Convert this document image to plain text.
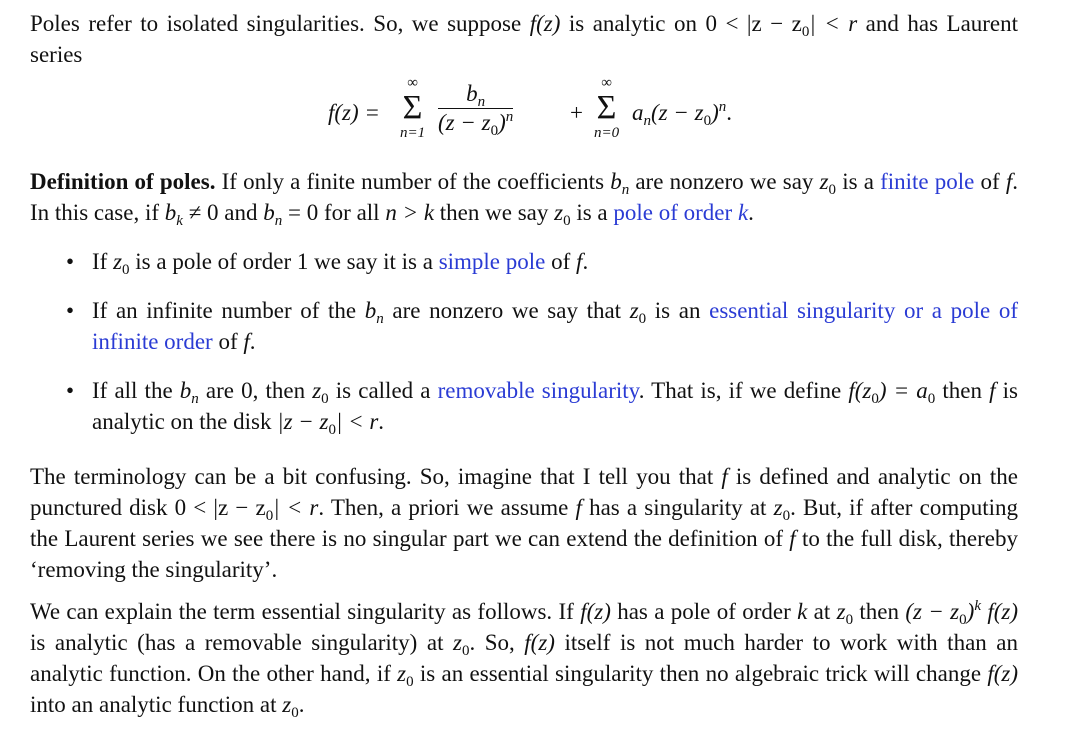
Poles refer to isolated singularities. So, we suppose f(z) is analytic on $0 < |z - z_0| < r$ and has Laurent series

f(z) =
∞
Σ
n=1
$b_n$
$(z - z_0)^n$ +
∞
Σ
n=0
$a_n(z - z_0)^n$.

Definition of poles. If only a finite number of the coefficients $b_n$ are nonzero we say $z_0$ is a finite pole of f. In this case, if $b_k \ne 0$ and $b_n = 0$ for all n > k then we say $z_0$ is a pole of order k.

• If $z_0$ is a pole of order 1 we say it is a simple pole of f.
• If an infinite number of the $b_n$ are nonzero we say that $z_0$ is an essential singularity or a pole of infinite order of f.
• If all the $b_n$ are 0, then $z_0$ is called a removable singularity. That is, if we define $f(z_0) = a_0$ then f is analytic on the disk $|z - z_0| < r$.

The terminology can be a bit confusing. So, imagine that I tell you that f is defined and analytic on the punctured disk $0 < |z - z_0| < r$. Then, a priori we assume f has a singularity at $z_0$. But, if after computing the Laurent series we see there is no singular part we can extend the definition of f to the full disk, thereby ‘removing the singularity’.

We can explain the term essential singularity as follows. If f(z) has a pole of order k at $z_0$ then $(z - z_0)^k$ f(z) is analytic (has a removable singularity) at $z_0$. So, f(z) itself is not much harder to work with than an analytic function. On the other hand, if $z_0$ is an essential singularity then no algebraic trick will change f(z) into an analytic function at $z_0$.
